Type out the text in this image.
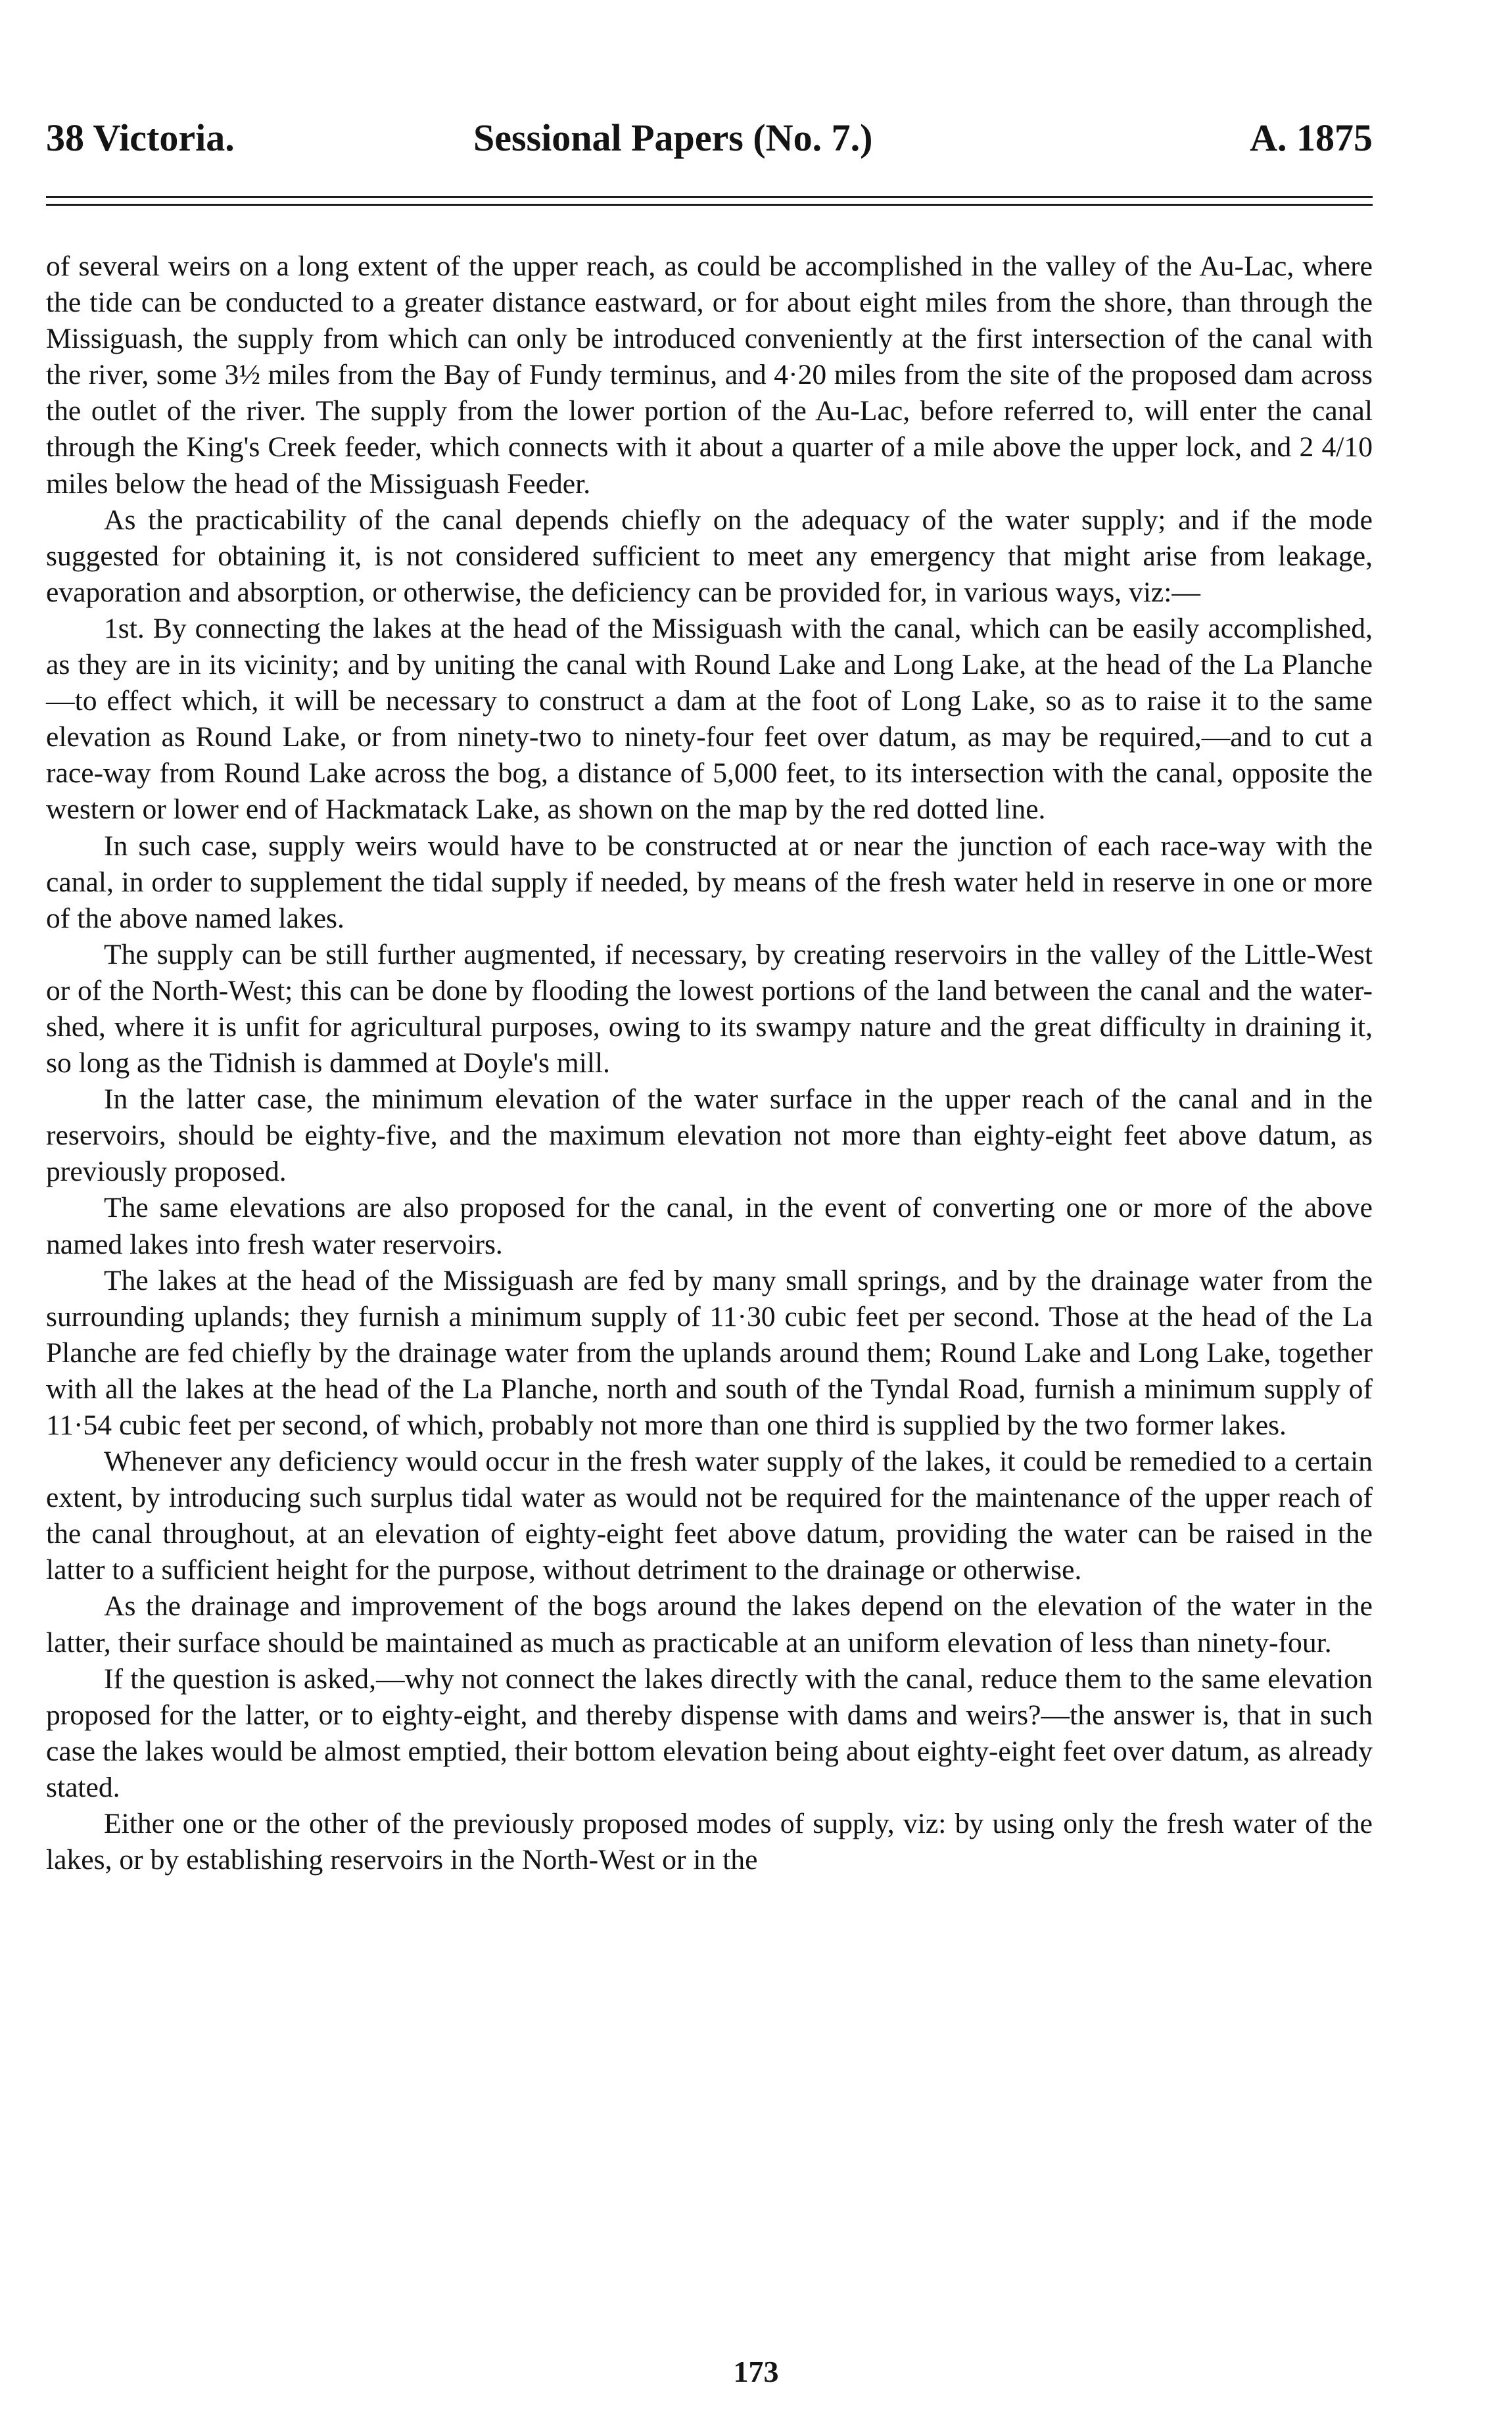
38 Victoria.	Sessional Papers (No. 7.)	A. 1875

of several weirs on a long extent of the upper reach, as could be accomplished in the valley of the Au-Lac, where the tide can be conducted to a greater distance eastward, or for about eight miles from the shore, than through the Missiguash, the supply from which can only be introduced conveniently at the first intersection of the canal with the river, some 3½ miles from the Bay of Fundy terminus, and 4·20 miles from the site of the proposed dam across the outlet of the river. The supply from the lower portion of the Au-Lac, before referred to, will enter the canal through the King's Creek feeder, which connects with it about a quarter of a mile above the upper lock, and 2 4/10 miles below the head of the Missiguash Feeder.

As the practicability of the canal depends chiefly on the adequacy of the water supply; and if the mode suggested for obtaining it, is not considered sufficient to meet any emergency that might arise from leakage, evaporation and absorption, or otherwise, the deficiency can be provided for, in various ways, viz:—

1st. By connecting the lakes at the head of the Missiguash with the canal, which can be easily accomplished, as they are in its vicinity; and by uniting the canal with Round Lake and Long Lake, at the head of the La Planche—to effect which, it will be necessary to construct a dam at the foot of Long Lake, so as to raise it to the same elevation as Round Lake, or from ninety-two to ninety-four feet over datum, as may be required,—and to cut a race-way from Round Lake across the bog, a distance of 5,000 feet, to its intersection with the canal, opposite the western or lower end of Hackmatack Lake, as shown on the map by the red dotted line.

In such case, supply weirs would have to be constructed at or near the junction of each race-way with the canal, in order to supplement the tidal supply if needed, by means of the fresh water held in reserve in one or more of the above named lakes.

The supply can be still further augmented, if necessary, by creating reservoirs in the valley of the Little-West or of the North-West; this can be done by flooding the lowest portions of the land between the canal and the water-shed, where it is unfit for agricultural purposes, owing to its swampy nature and the great difficulty in draining it, so long as the Tidnish is dammed at Doyle's mill.

In the latter case, the minimum elevation of the water surface in the upper reach of the canal and in the reservoirs, should be eighty-five, and the maximum elevation not more than eighty-eight feet above datum, as previously proposed.

The same elevations are also proposed for the canal, in the event of converting one or more of the above named lakes into fresh water reservoirs.

The lakes at the head of the Missiguash are fed by many small springs, and by the drainage water from the surrounding uplands; they furnish a minimum supply of 11·30 cubic feet per second. Those at the head of the La Planche are fed chiefly by the drainage water from the uplands around them; Round Lake and Long Lake, together with all the lakes at the head of the La Planche, north and south of the Tyndal Road, furnish a minimum supply of 11·54 cubic feet per second, of which, probably not more than one third is supplied by the two former lakes.

Whenever any deficiency would occur in the fresh water supply of the lakes, it could be remedied to a certain extent, by introducing such surplus tidal water as would not be required for the maintenance of the upper reach of the canal throughout, at an elevation of eighty-eight feet above datum, providing the water can be raised in the latter to a sufficient height for the purpose, without detriment to the drainage or otherwise.

As the drainage and improvement of the bogs around the lakes depend on the elevation of the water in the latter, their surface should be maintained as much as practicable at an uniform elevation of less than ninety-four.

If the question is asked,—why not connect the lakes directly with the canal, reduce them to the same elevation proposed for the latter, or to eighty-eight, and thereby dispense with dams and weirs?—the answer is, that in such case the lakes would be almost emptied, their bottom elevation being about eighty-eight feet over datum, as already stated.

Either one or the other of the previously proposed modes of supply, viz: by using only the fresh water of the lakes, or by establishing reservoirs in the North-West or in the

173
